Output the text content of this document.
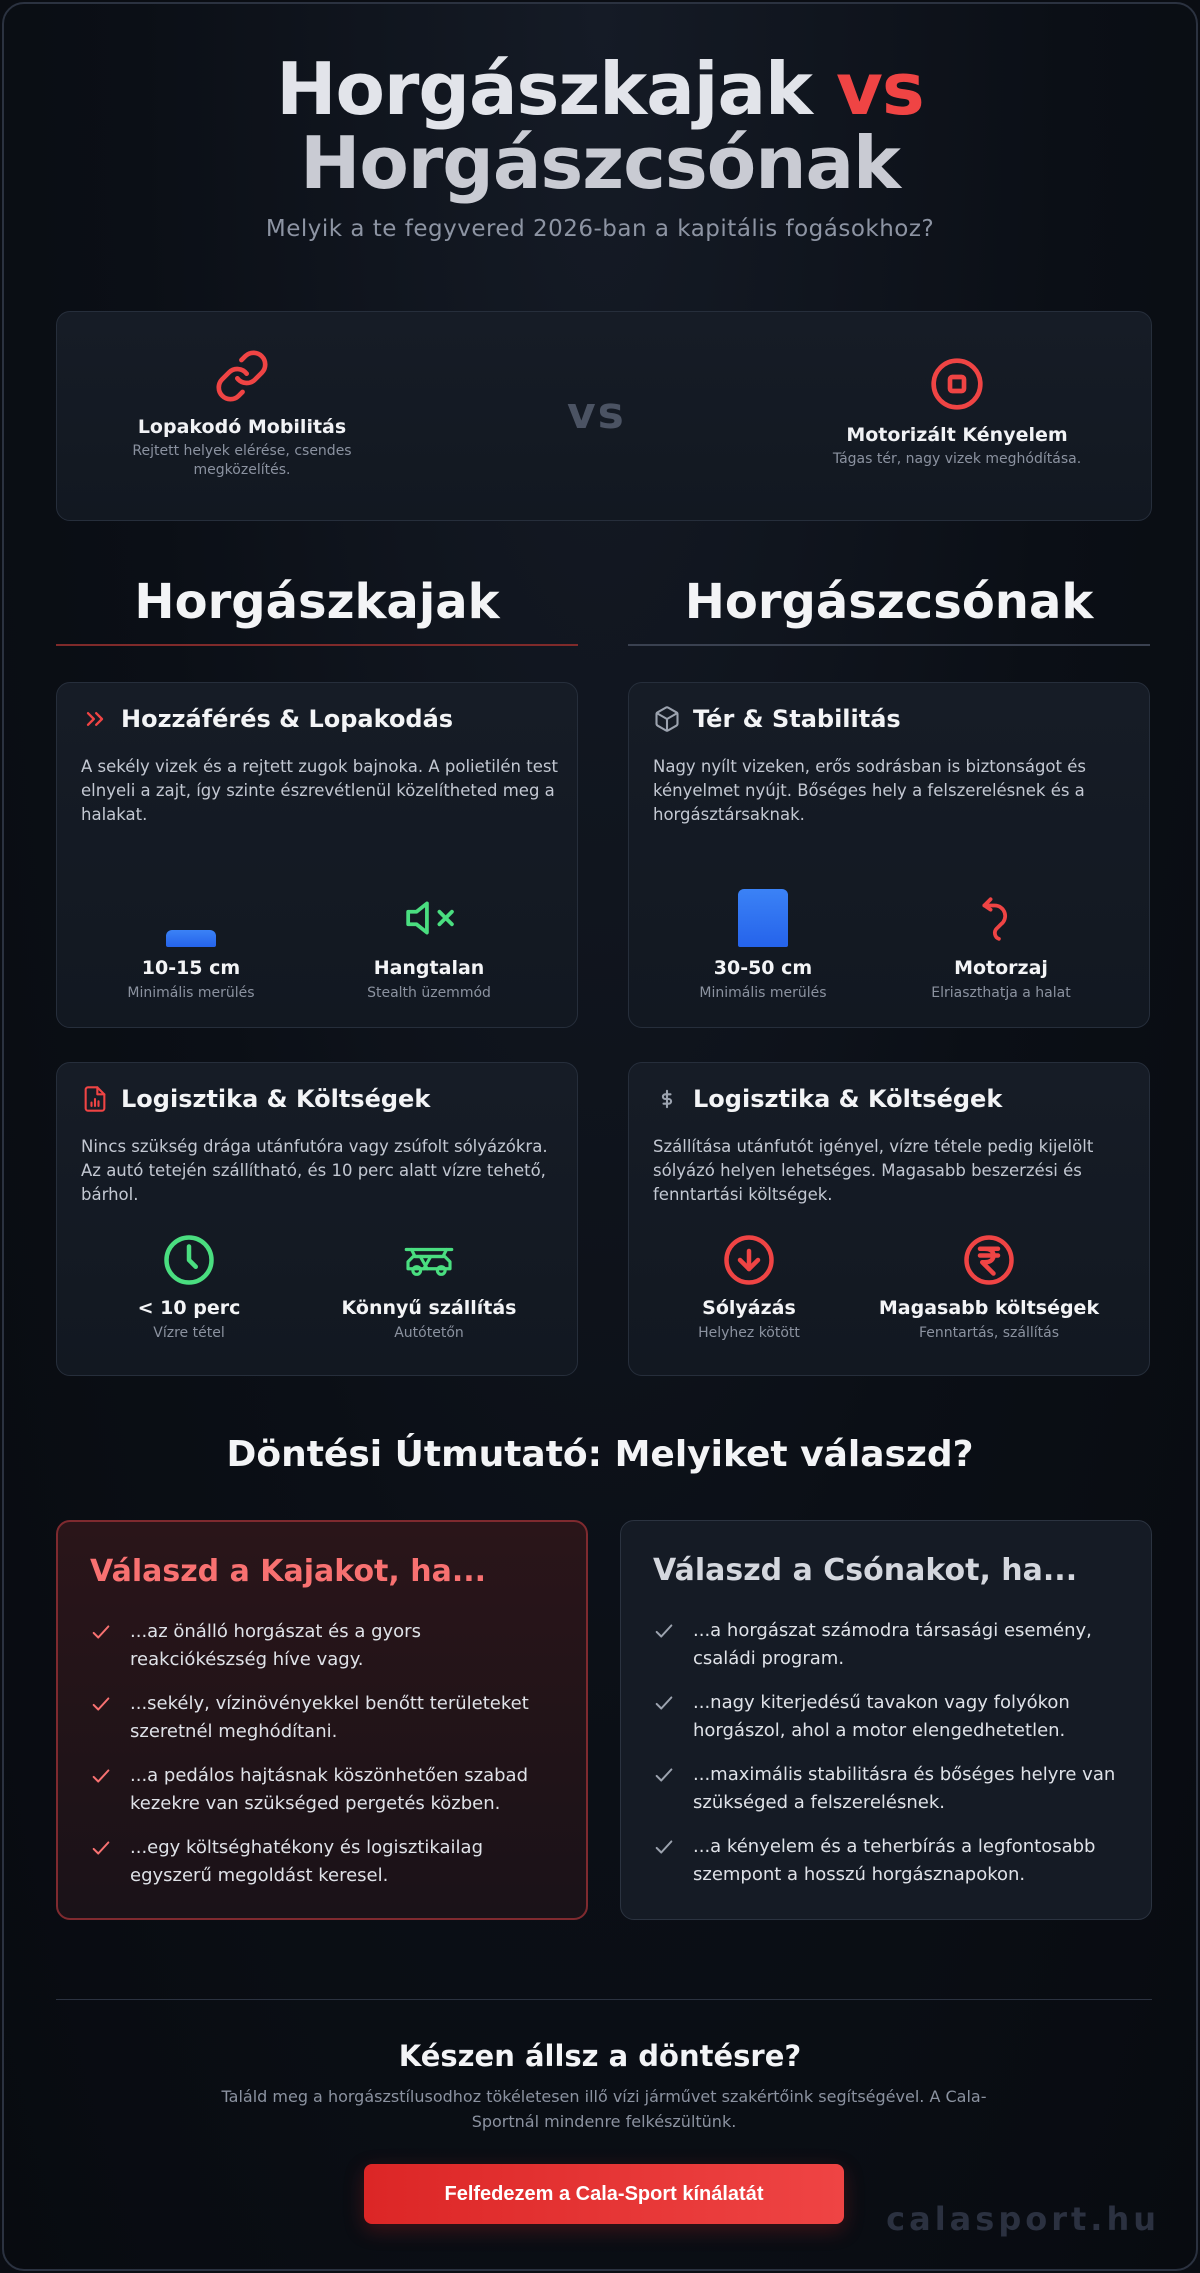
Horgászkajak vs
Horgászcsónak
Melyik a te fegyvered 2026-ban a kapitális fogásokhoz?
Lopakodó Mobilitás
Rejtett helyek elérése, csendes megközelítés.
vs	Motorizált Kényelem
Tágas tér, nagy vizek meghódítása.
Horgászkajak	Horgászcsónak
Hozzáférés & Lopakodás
A sekély vizek és a rejtett zugok bajnoka. A polietilén test elnyeli a zajt, így szinte észrevétlenül közelítheted meg a halakat.
10-15 cm
Minimális merülés
Hangtalan
Stealth üzemmód
Tér & Stabilitás
Nagy nyílt vizeken, erős sodrásban is biztonságot és kényelmet nyújt. Bőséges hely a felszerelésnek és a horgásztársaknak.
30-50 cm
Minimális merülés
Motorzaj
Elriaszthatja a halat
Logisztika & Költségek
Nincs szükség drága utánfutóra vagy zsúfolt sólyázókra. Az autó tetején szállítható, és 10 perc alatt vízre tehető, bárhol.
< 10 perc
Vízre tétel
Könnyű szállítás
Autótetőn
Logisztika & Költségek
Szállítása utánfutót igényel, vízre tétele pedig kijelölt sólyázó helyen lehetséges. Magasabb beszerzési és fenntartási költségek.
Sólyázás
Helyhez kötött
Magasabb költségek
Fenntartás, szállítás
Döntési Útmutató: Melyiket válaszd?
Válaszd a Kajakot, ha...
...az önálló horgászat és a gyors reakciókészség híve vagy.
...sekély, vízinövényekkel benőtt területeket szeretnél meghódítani.
...a pedálos hajtásnak köszönhetően szabad kezekre van szükséged pergetés közben.
...egy költséghatékony és logisztikailag egyszerű megoldást keresel.
Válaszd a Csónakot, ha...
...a horgászat számodra társasági esemény, családi program.
...nagy kiterjedésű tavakon vagy folyókon horgászol, ahol a motor elengedhetetlen.
...maximális stabilitásra és bőséges helyre van szükséged a felszerelésnek.
...a kényelem és a teherbírás a legfontosabb szempont a hosszú horgásznapokon.
Készen állsz a döntésre?
Találd meg a horgászstílusodhoz tökéletesen illő vízi járművet szakértőink segítségével. A Cala-Sportnál mindenre felkészültünk.
Felfedezem a Cala-Sport kínálatát
calasport.hu
